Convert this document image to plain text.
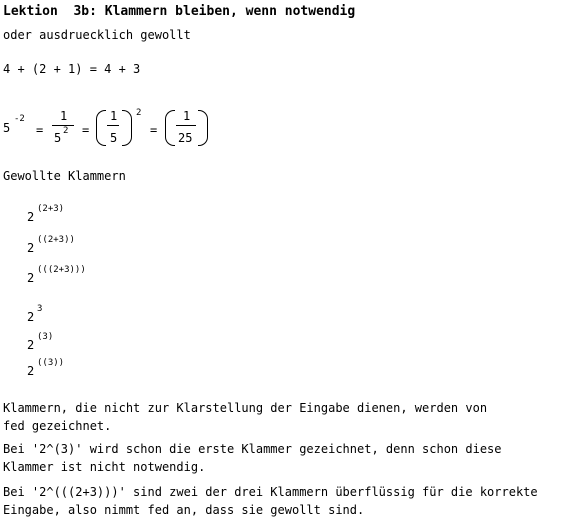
Lektion  3b: Klammern bleiben, wenn notwendig
oder ausdruecklich gewollt
4 + (2 + 1) = 4 + 3
5
-2
=
1
5 2 =
1
5
2
=
1
25
Gewollte Klammern
2
(2+3)
2
((2+3))
2
(((2+3)))
2
3
2
(3)
2
((3))
Klammern, die nicht zur Klarstellung der Eingabe dienen, werden von
fed gezeichnet.
Bei '2^(3)' wird schon die erste Klammer gezeichnet, denn schon diese
Klammer ist nicht notwendig.
Bei '2^(((2+3)))' sind zwei der drei Klammern überflüssig für die korrekte
Eingabe, also nimmt fed an, dass sie gewollt sind.
